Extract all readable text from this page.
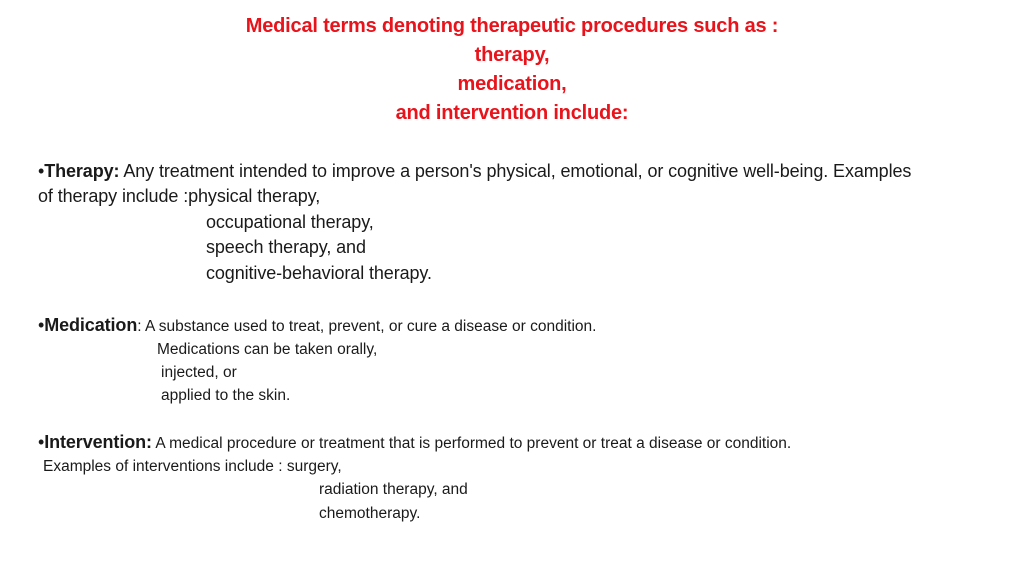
Medical terms denoting therapeutic procedures such as :
therapy,
medication,
and intervention include:
•Therapy: Any treatment intended to improve a person's physical, emotional, or cognitive well-being. Examples
of therapy include :physical therapy,
occupational therapy,
speech therapy, and
cognitive-behavioral therapy.
•Medication: A substance used to treat, prevent, or cure a disease or condition.
Medications can be taken orally,
injected, or
applied to the skin.
•Intervention: A medical procedure or treatment that is performed to prevent or treat a disease or condition.
Examples of interventions include : surgery,
radiation therapy, and
chemotherapy.
